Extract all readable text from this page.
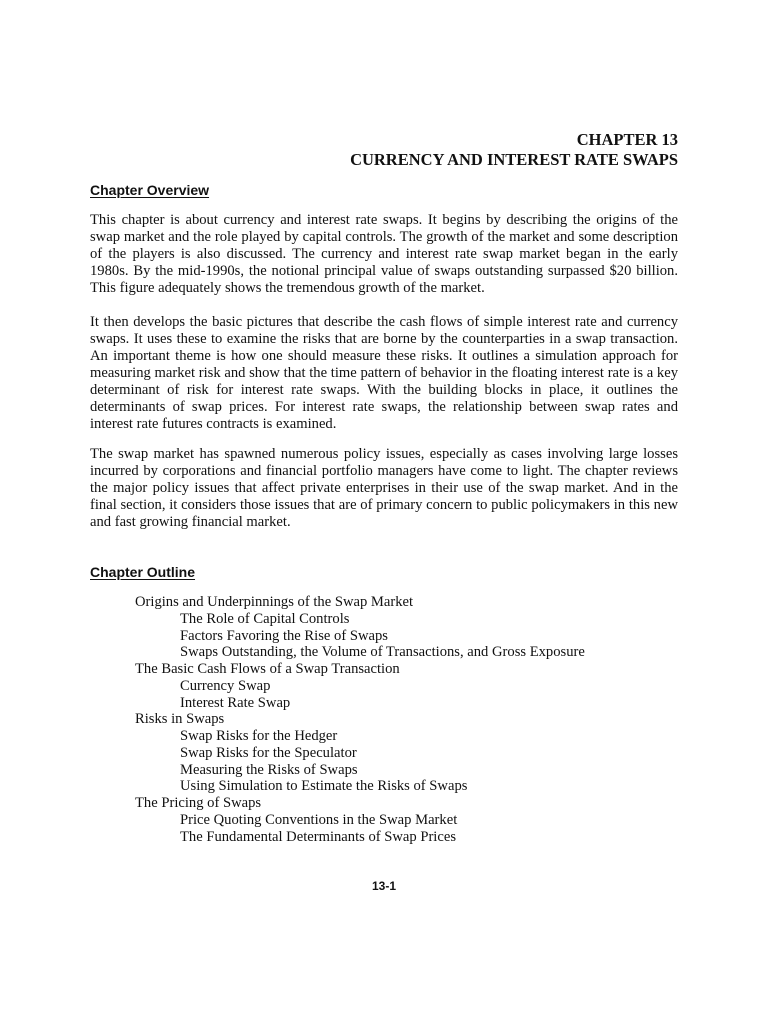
CHAPTER 13
CURRENCY AND INTEREST RATE SWAPS
Chapter Overview

This chapter is about currency and interest rate swaps. It begins by describing the origins of the swap market and the role played by capital controls. The growth of the market and some description of the players is also discussed. The currency and interest rate swap market began in the early 1980s. By the mid-1990s, the notional principal value of swaps outstanding surpassed $20 billion. This figure adequately shows the tremendous growth of the market.

It then develops the basic pictures that describe the cash flows of simple interest rate and currency swaps. It uses these to examine the risks that are borne by the counterparties in a swap transaction. An important theme is how one should measure these risks. It outlines a simulation approach for measuring market risk and show that the time pattern of behavior in the floating interest rate is a key determinant of risk for interest rate swaps. With the building blocks in place, it outlines the determinants of swap prices. For interest rate swaps, the relationship between swap rates and interest rate futures contracts is examined.

The swap market has spawned numerous policy issues, especially as cases involving large losses incurred by corporations and financial portfolio managers have come to light. The chapter reviews the major policy issues that affect private enterprises in their use of the swap market. And in the final section, it considers those issues that are of primary concern to public policymakers in this new and fast growing financial market.

Chapter Outline
Origins and Underpinnings of the Swap Market
The Role of Capital Controls
Factors Favoring the Rise of Swaps
Swaps Outstanding, the Volume of Transactions, and Gross Exposure
The Basic Cash Flows of a Swap Transaction
Currency Swap
Interest Rate Swap
Risks in Swaps
Swap Risks for the Hedger
Swap Risks for the Speculator
Measuring the Risks of Swaps
Using Simulation to Estimate the Risks of Swaps
The Pricing of Swaps
Price Quoting Conventions in the Swap Market
The Fundamental Determinants of Swap Prices
13-1
